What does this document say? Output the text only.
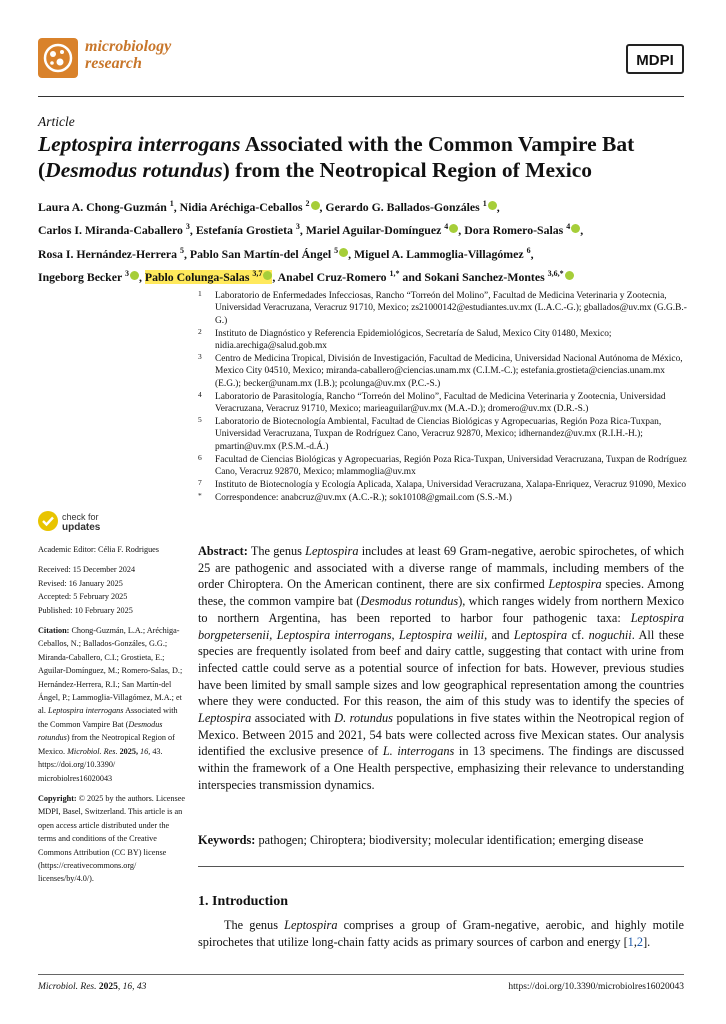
microbiology
research	MDPI
Article
Leptospira interrogans Associated with the Common Vampire Bat (Desmodus rotundus) from the Neotropical Region of Mexico
Laura A. Chong-Guzmán $^1$, Nidia Aréchiga-Ceballos $^2$ , Gerardo G. Ballados-Gonzáles $^1$ ,
Carlos I. Miranda-Caballero $^3$, Estefanía Grostieta $^3$, Mariel Aguilar-Domínguez $^4$ , Dora Romero-Salas $^4$ ,
Rosa I. Hernández-Herrera $^5$, Pablo San Martín-del Ángel $^5$ , Miguel A. Lammoglia-Villagómez $^6$,
Ingeborg Becker $^3$ , Pablo Colunga-Salas $^{3,7}$ , Anabel Cruz-Romero $^{1,*}$ and Sokani Sanchez-Montes $^{3,6,*}$
1 Laboratorio de Enfermedades Infecciosas, Rancho “Torreón del Molino”, Facultad de Medicina Veterinaria y Zootecnia, Universidad Veracruzana, Veracruz 91710, Mexico; zs21000142@estudiantes.uv.mx (L.A.C.-G.); gballados@uv.mx (G.G.B.-G.)
2 Instituto de Diagnóstico y Referencia Epidemiológicos, Secretaría de Salud, Mexico City 01480, Mexico; nidia.arechiga@salud.gob.mx
3 Centro de Medicina Tropical, División de Investigación, Facultad de Medicina, Universidad Nacional Autónoma de México, Mexico City 04510, Mexico; miranda-caballero@ciencias.unam.mx (C.I.M.-C.); estefania.grostieta@ciencias.unam.mx (E.G.); becker@unam.mx (I.B.); pcolunga@uv.mx (P.C.-S.)
4 Laboratorio de Parasitología, Rancho “Torreón del Molino”, Facultad de Medicina Veterinaria y Zootecnia, Universidad Veracruzana, Veracruz 91710, Mexico; marieaguilar@uv.mx (M.A.-D.); dromero@uv.mx (D.R.-S.)
5 Laboratorio de Biotecnología Ambiental, Facultad de Ciencias Biológicas y Agropecuarias, Región Poza Rica-Tuxpan, Universidad Veracruzana, Tuxpan de Rodríguez Cano, Veracruz 92870, Mexico; idhernandez@uv.mx (R.I.H.-H.); pmartin@uv.mx (P.S.M.-d.Á.)
6 Facultad de Ciencias Biológicas y Agropecuarias, Región Poza Rica-Tuxpan, Universidad Veracruzana, Tuxpan de Rodríguez Cano, Veracruz 92870, Mexico; mlammoglia@uv.mx
7 Instituto de Biotecnología y Ecología Aplicada, Xalapa, Universidad Veracruzana, Xalapa-Enriquez, Veracruz 91090, Mexico
* Correspondence: anabcruz@uv.mx (A.C.-R.); sok10108@gmail.com (S.S.-M.)
check for
updates
Academic Editor: Célia F. Rodrigues
Received: 15 December 2024
Revised: 16 January 2025
Accepted: 5 February 2025
Published: 10 February 2025
Citation: Chong-Guzmán, L.A.; Aréchiga-Ceballos, N.; Ballados-Gonzáles, G.G.; Miranda-Caballero, C.I.; Grostieta, E.; Aguilar-Domínguez, M.; Romero-Salas, D.; Hernández-Herrera, R.I.; San Martín-del Ángel, P.; Lammoglia-Villagómez, M.A.; et al. Leptospira interrogans Associated with the Common Vampire Bat (Desmodus rotundus) from the Neotropical Region of Mexico. Microbiol. Res. 2025, 16, 43. https://doi.org/10.3390/ microbiolres16020043
Copyright: © 2025 by the authors. Licensee MDPI, Basel, Switzerland. This article is an open access article distributed under the terms and conditions of the Creative Commons Attribution (CC BY) license (https://creativecommons.org/ licenses/by/4.0/).
Abstract: The genus Leptospira includes at least 69 Gram-negative, aerobic spirochetes, of which 25 are pathogenic and associated with a diverse range of mammals, including members of the order Chiroptera. On the American continent, there are six confirmed Leptospira species. Among these, the common vampire bat (Desmodus rotundus), which ranges widely from northern Mexico to northern Argentina, has been reported to harbor four pathogenic taxa: Leptospira borgpetersenii, Leptospira interrogans, Leptospira weilii, and Leptospira cf. noguchii. All these species are frequently isolated from beef and dairy cattle, suggesting that contact with urine from infected cattle could serve as a potential source of infection for bats. However, previous studies have been limited by small sample sizes and low geographical representation among the countries where they were conducted. For this reason, the aim of this study was to identify the species of Leptospira associated with D. rotundus populations in five states within the Neotropical region of Mexico. Between 2015 and 2021, 54 bats were collected across five Mexican states. Our analysis identified the exclusive presence of L. interrogans in 13 specimens. The findings are discussed within the framework of a One Health perspective, emphasizing their relevance to understanding interspecies transmission dynamics.
Keywords: pathogen; Chiroptera; biodiversity; molecular identification; emerging disease
1. Introduction
The genus Leptospira comprises a group of Gram-negative, aerobic, and highly motile spirochetes that utilize long-chain fatty acids as primary sources of carbon and energy [1,2].
Microbiol. Res. 2025, 16, 43	https://doi.org/10.3390/microbiolres16020043
